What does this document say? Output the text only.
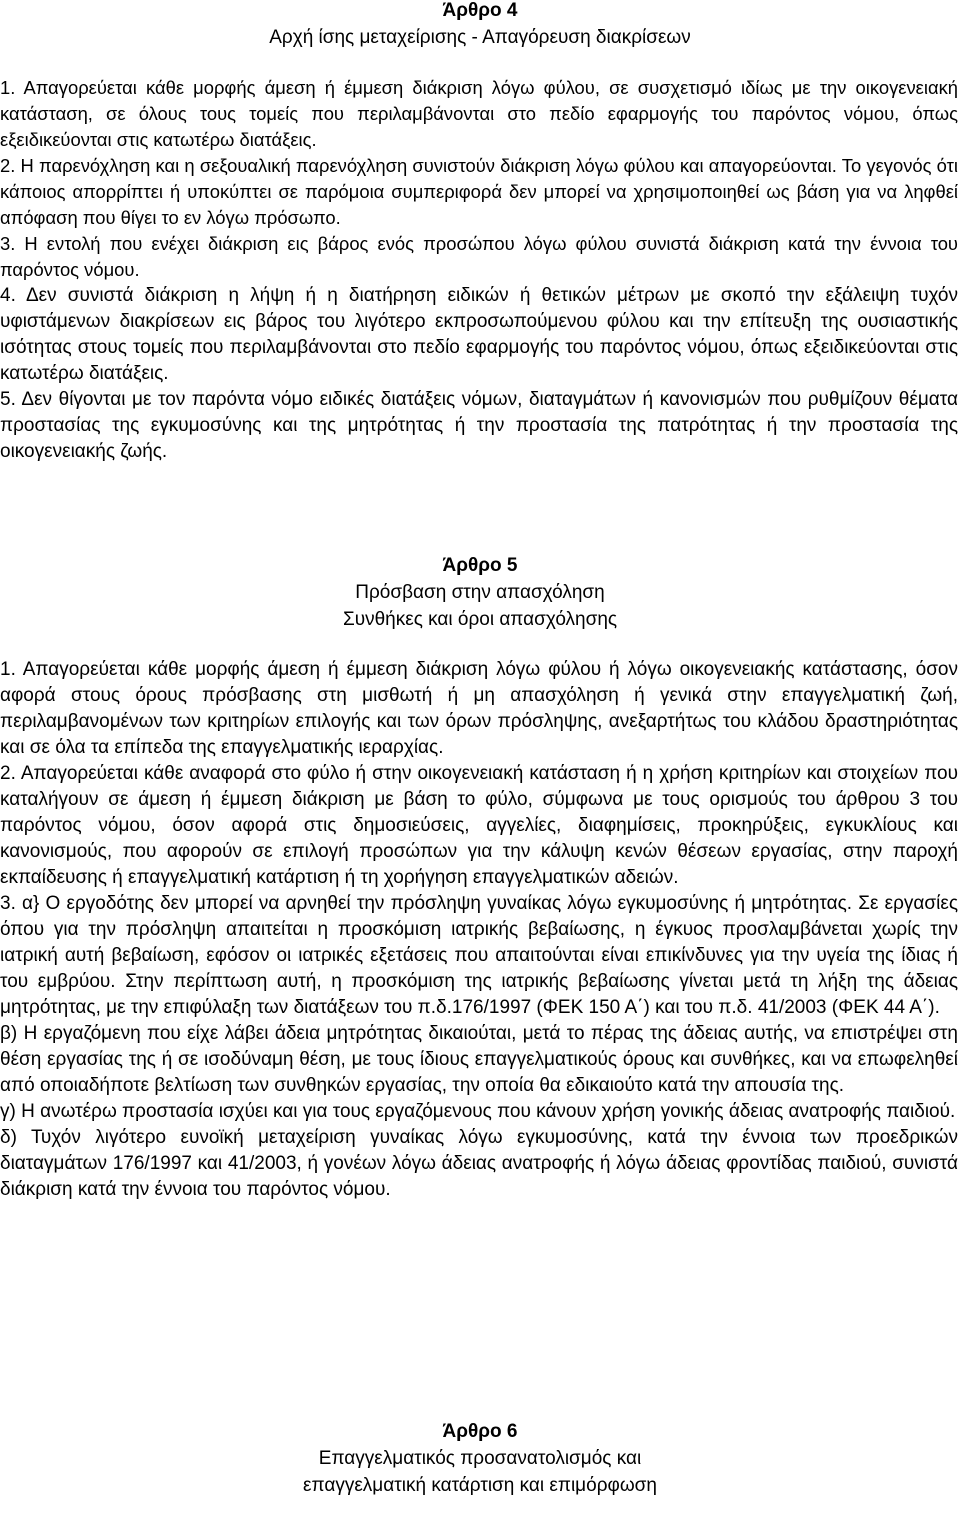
Άρθρο 4
Αρχή ίσης μεταχείρισης - Απαγόρευση διακρίσεων

1. Απαγορεύεται κάθε μορφής άμεση ή έμμεση διάκριση λόγω φύλου, σε συσχετισμό ιδίως με την οικογενειακή κατάσταση, σε όλους τους τομείς που περιλαμβάνονται στο πεδίο εφαρμογής του παρόντος νόμου, όπως εξειδικεύονται στις κατωτέρω διατάξεις.

2. Η παρενόχληση και η σεξουαλική παρενόχληση συνιστούν διάκριση λόγω φύλου και απαγορεύονται. Το γεγονός ότι κάποιος απορρίπτει ή υποκύπτει σε παρόμοια συμπεριφορά δεν μπορεί να χρησιμοποιηθεί ως βάση για να ληφθεί απόφαση που θίγει το εν λόγω πρόσωπο.

3. Η εντολή που ενέχει διάκριση εις βάρος ενός προσώπου λόγω φύλου συνιστά διάκριση κατά την έννοια του παρόντος νόμου.

4. Δεν συνιστά διάκριση η λήψη ή η διατήρηση ειδικών ή θετικών μέτρων με σκοπό την εξάλειψη τυχόν υφιστάμενων διακρίσεων εις βάρος του λιγότερο εκπροσωπούμενου φύλου και την επίτευξη της ουσιαστικής ισότητας στους τομείς που περιλαμβάνονται στο πεδίο εφαρμογής του παρόντος νόμου, όπως εξειδικεύονται στις κατωτέρω διατάξεις.

5. Δεν θίγονται με τον παρόντα νόμο ειδικές διατάξεις νόμων, διαταγμάτων ή κανονισμών που ρυθμίζουν θέματα προστασίας της εγκυμοσύνης και της μητρότητας ή την προστασία της πατρότητας ή την προστασία της οικογενειακής ζωής.

Άρθρο 5
Πρόσβαση στην απασχόληση
Συνθήκες και όροι απασχόλησης

1. Απαγορεύεται κάθε μορφής άμεση ή έμμεση διάκριση λόγω φύλου ή λόγω οικογενειακής κατάστασης, όσον αφορά στους όρους πρόσβασης στη μισθωτή ή μη απασχόληση ή γενικά στην επαγγελματική ζωή, περιλαμβανομένων των κριτηρίων επιλογής και των όρων πρόσληψης, ανεξαρτήτως του κλάδου δραστηριότητας και σε όλα τα επίπεδα της επαγγελματικής ιεραρχίας.

2. Απαγορεύεται κάθε αναφορά στο φύλο ή στην οικογενειακή κατάσταση ή η χρήση κριτηρίων και στοιχείων που καταλήγουν σε άμεση ή έμμεση διάκριση με βάση το φύλο, σύμφωνα με τους ορισμούς του άρθρου 3 του παρόντος νόμου, όσον αφορά στις δημοσιεύσεις, αγγελίες, διαφημίσεις, προκηρύξεις, εγκυκλίους και κανονισμούς, που αφορούν σε επιλογή προσώπων για την κάλυψη κενών θέσεων εργασίας, στην παροχή εκπαίδευσης ή επαγγελματική κατάρτιση ή τη χορήγηση επαγγελματικών αδειών.

3. α} Ο εργοδότης δεν μπορεί να αρνηθεί την πρόσληψη γυναίκας λόγω εγκυμοσύνης ή μητρότητας. Σε εργασίες όπου για την πρόσληψη απαιτείται η προσκόμιση ιατρικής βεβαίωσης, η έγκυος προσλαμβάνεται χωρίς την ιατρική αυτή βεβαίωση, εφόσον οι ιατρικές εξετάσεις που απαιτούνται είναι επικίνδυνες για την υγεία της ίδιας ή του εμβρύου. Στην περίπτωση αυτή, η προσκόμιση της ιατρικής βεβαίωσης γίνεται μετά τη λήξη της άδειας μητρότητας, με την επιφύλαξη των διατάξεων του π.δ.176/1997 (ΦΕΚ 150 Α΄) και του π.δ. 41/2003 (ΦΕΚ 44 Α΄).

β) Η εργαζόμενη που είχε λάβει άδεια μητρότητας δικαιούται, μετά το πέρας της άδειας αυτής, να επιστρέψει στη θέση εργασίας της ή σε ισοδύναμη θέση, με τους ίδιους επαγγελματικούς όρους και συνθήκες, και να επωφεληθεί από οποιαδήποτε βελτίωση των συνθηκών εργασίας, την οποία θα εδικαιούτο κατά την απουσία της.

γ) Η ανωτέρω προστασία ισχύει και για τους εργαζόμενους που κάνουν χρήση γονικής άδειας ανατροφής παιδιού.

δ) Τυχόν λιγότερο ευνοϊκή μεταχείριση γυναίκας λόγω εγκυμοσύνης, κατά την έννοια των προεδρικών διαταγμάτων 176/1997 και 41/2003, ή γονέων λόγω άδειας ανατροφής ή λόγω άδειας φροντίδας παιδιού, συνιστά διάκριση κατά την έννοια του παρόντος νόμου.

Άρθρο 6
Επαγγελματικός προσανατολισμός και
επαγγελματική κατάρτιση και επιμόρφωση
